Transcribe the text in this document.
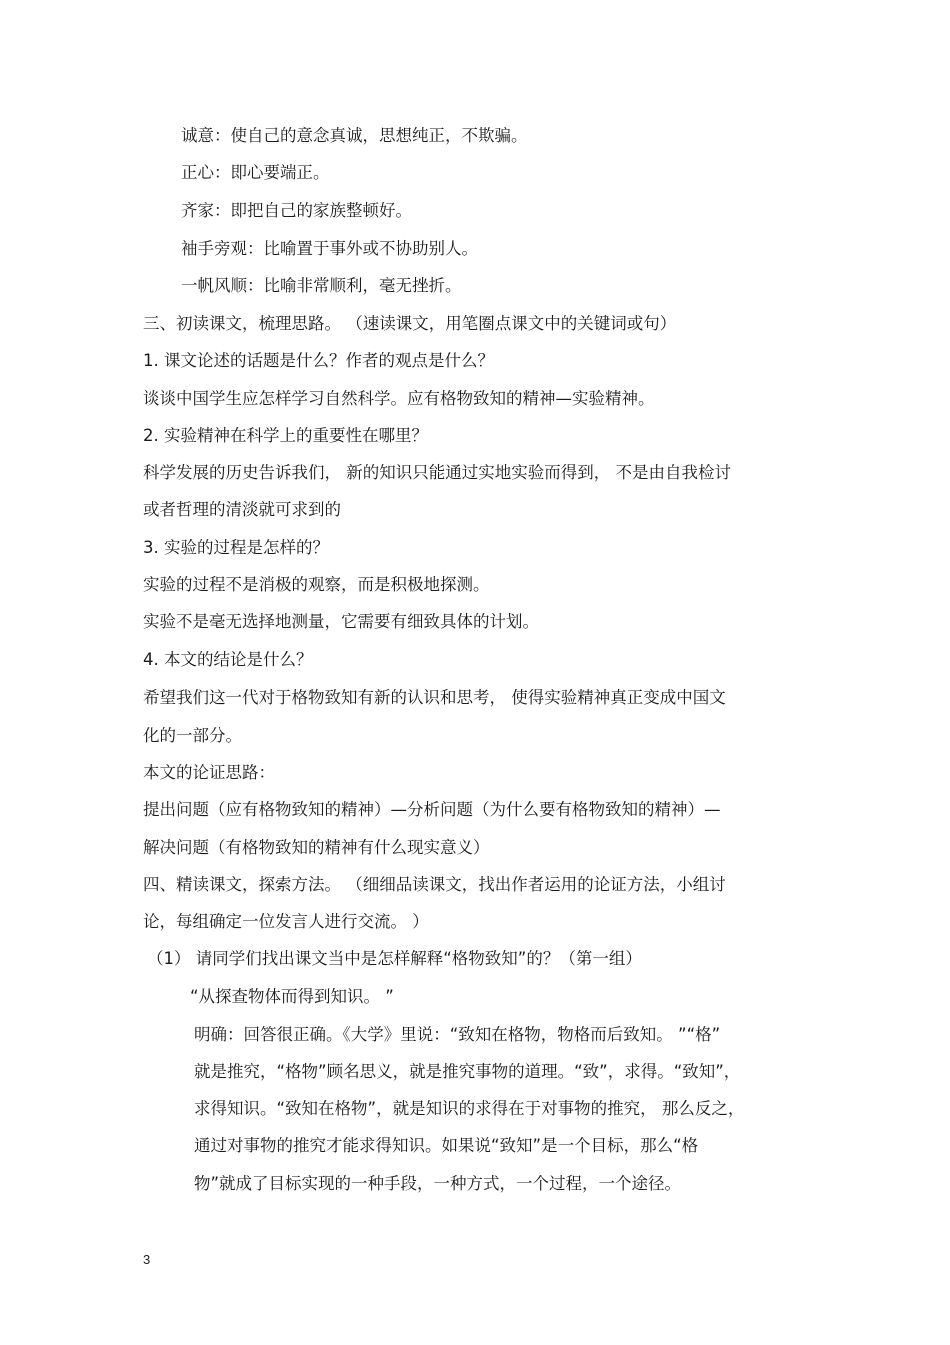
诚意：使自己的意念真诚，思想纯正，不欺骗。
正心：即心要端正。
齐家：即把自己的家族整顿好。
袖手旁观：比喻置于事外或不协助别人。
一帆风顺：比喻非常顺利，毫无挫折。
三、初读课文，梳理思路。 （速读课文，用笔圈点课文中的关键词或句）
1. 课文论述的话题是什么？作者的观点是什么？
谈谈中国学生应怎样学习自然科学。应有格物致知的精神—实验精神。
2. 实验精神在科学上的重要性在哪里？
科学发展的历史告诉我们， 新的知识只能通过实地实验而得到， 不是由自我检讨
或者哲理的清淡就可求到的
3. 实验的过程是怎样的？
实验的过程不是消极的观察，而是积极地探测。
实验不是毫无选择地测量，它需要有细致具体的计划。
4. 本文的结论是什么？
希望我们这一代对于格物致知有新的认识和思考， 使得实验精神真正变成中国文
化的一部分。
本文的论证思路：
提出问题（应有格物致知的精神）—分析问题（为什么要有格物致知的精神）—
解决问题（有格物致知的精神有什么现实意义）
四、精读课文，探索方法。 （细细品读课文，找出作者运用的论证方法，小组讨
论，每组确定一位发言人进行交流。 ）
（1） 请同学们找出课文当中是怎样解释“格物致知”的？（第一组）
“从探查物体而得到知识。 ”
明确：回答很正确。《大学》里说：“致知在格物，物格而后致知。 ”“格”
就是推究，“格物”顾名思义，就是推究事物的道理。“致”，求得。“致知”，
求得知识。“致知在格物”，就是知识的求得在于对事物的推究， 那么反之，
通过对事物的推究才能求得知识。如果说“致知”是一个目标，那么“格
物”就成了目标实现的一种手段，一种方式，一个过程，一个途径。
3
